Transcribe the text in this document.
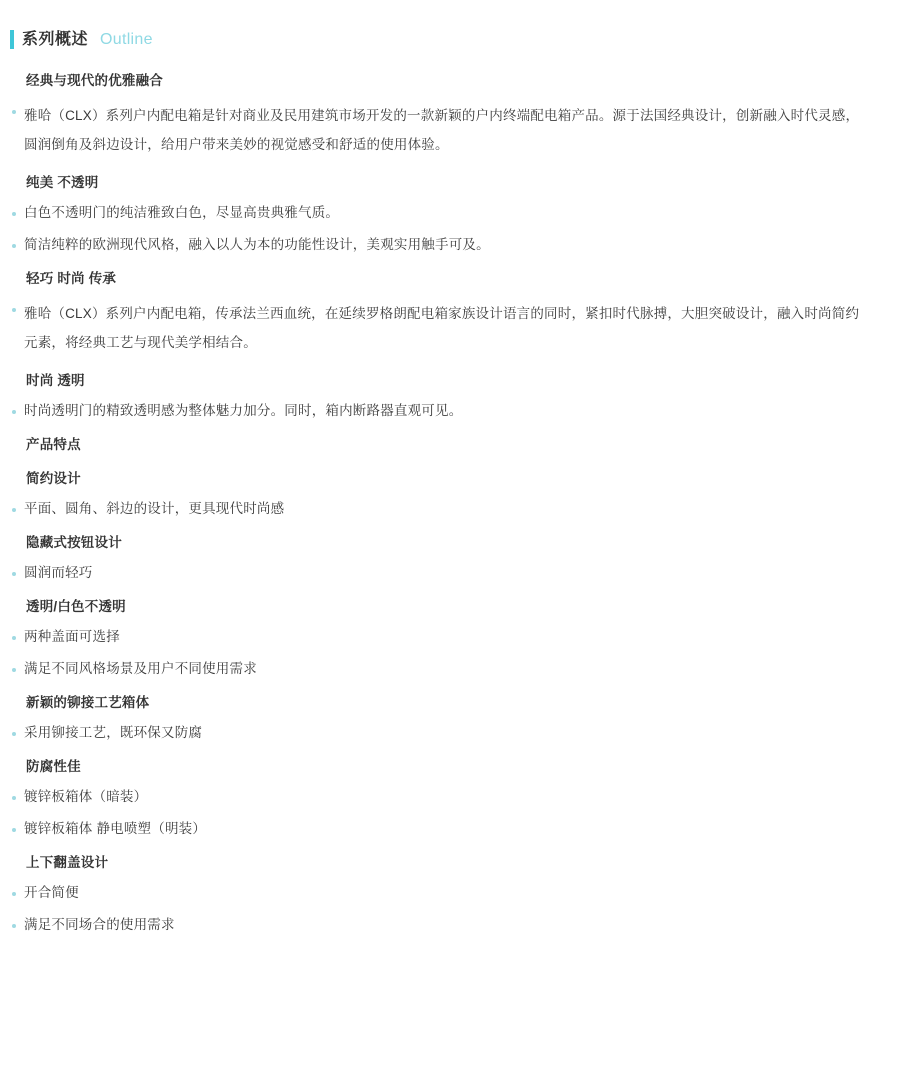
系列概述 Outline
经典与现代的优雅融合
雅哈（CLX）系列户内配电箱是针对商业及民用建筑市场开发的一款新颖的户内终端配电箱产品。源于法国经典设计，创新融入时代灵感，圆润倒角及斜边设计，给用户带来美妙的视觉感受和舒适的使用体验。
纯美 不透明
白色不透明门的纯洁雅致白色，尽显高贵典雅气质。
简洁纯粹的欧洲现代风格，融入以人为本的功能性设计，美观实用触手可及。
轻巧 时尚 传承
雅哈（CLX）系列户内配电箱，传承法兰西血统，在延续罗格朗配电箱家族设计语言的同时，紧扣时代脉搏，大胆突破设计，融入时尚简约元素，将经典工艺与现代美学相结合。
时尚 透明
时尚透明门的精致透明感为整体魅力加分。同时，箱内断路器直观可见。
产品特点
简约设计
平面、圆角、斜边的设计，更具现代时尚感
隐藏式按钮设计
圆润而轻巧
透明/白色不透明
两种盖面可选择
满足不同风格场景及用户不同使用需求
新颖的铆接工艺箱体
采用铆接工艺，既环保又防腐
防腐性佳
镀锌板箱体（暗装）
镀锌板箱体 静电喷塑（明装）
上下翻盖设计
开合简便
满足不同场合的使用需求
